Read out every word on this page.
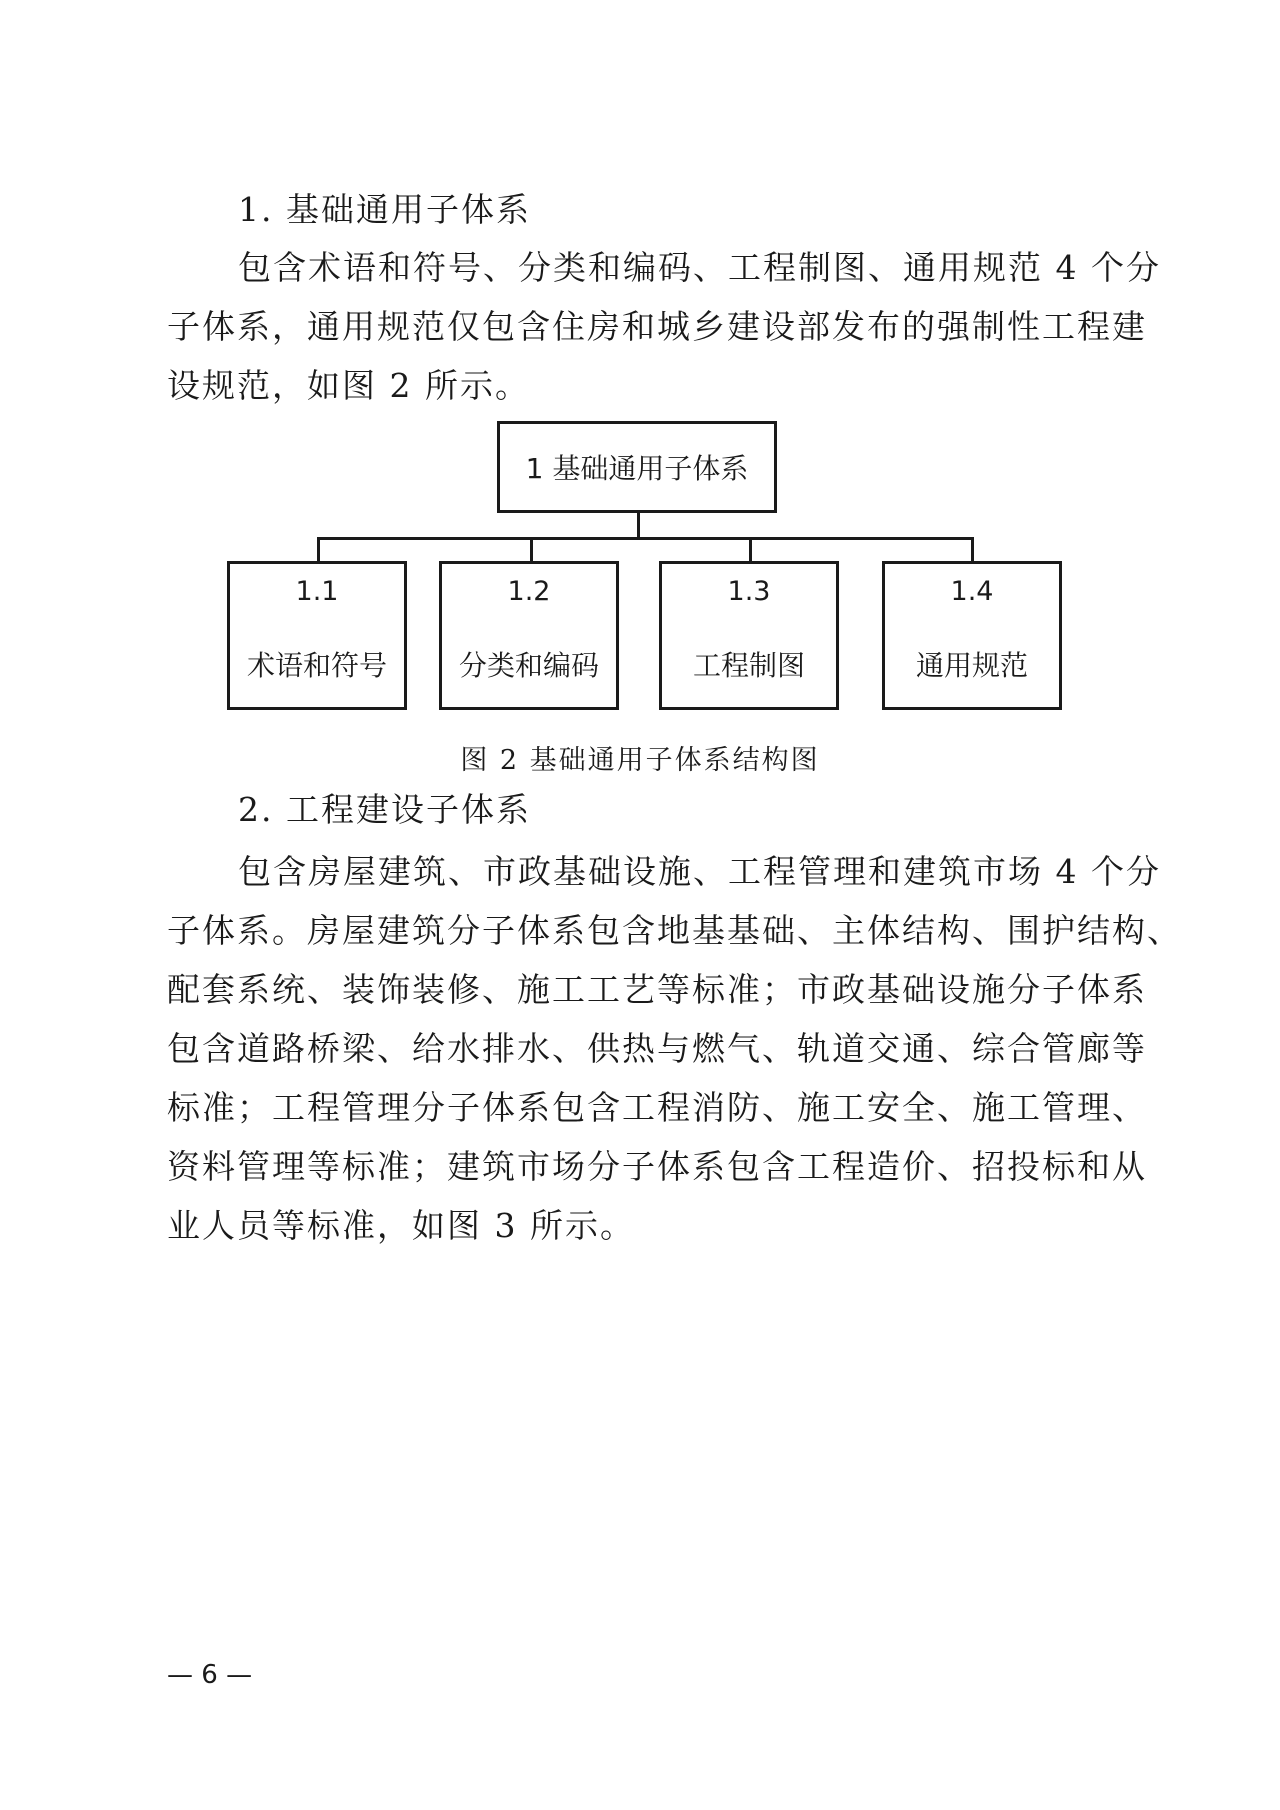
1. 基础通用子体系
包含术语和符号、分类和编码、工程制图、通用规范 4 个分
子体系，通用规范仅包含住房和城乡建设部发布的强制性工程建
设规范，如图 2 所示。
1 基础通用子体系
1.1
术语和符号
1.2
分类和编码
1.3
工程制图
1.4
通用规范
图 2 基础通用子体系结构图
2. 工程建设子体系
包含房屋建筑、市政基础设施、工程管理和建筑市场 4 个分
子体系。房屋建筑分子体系包含地基基础、主体结构、围护结构、
配套系统、装饰装修、施工工艺等标准；市政基础设施分子体系
包含道路桥梁、给水排水、供热与燃气、轨道交通、综合管廊等
标准；工程管理分子体系包含工程消防、施工安全、施工管理、
资料管理等标准；建筑市场分子体系包含工程造价、招投标和从
业人员等标准，如图 3 所示。
— 6 —
